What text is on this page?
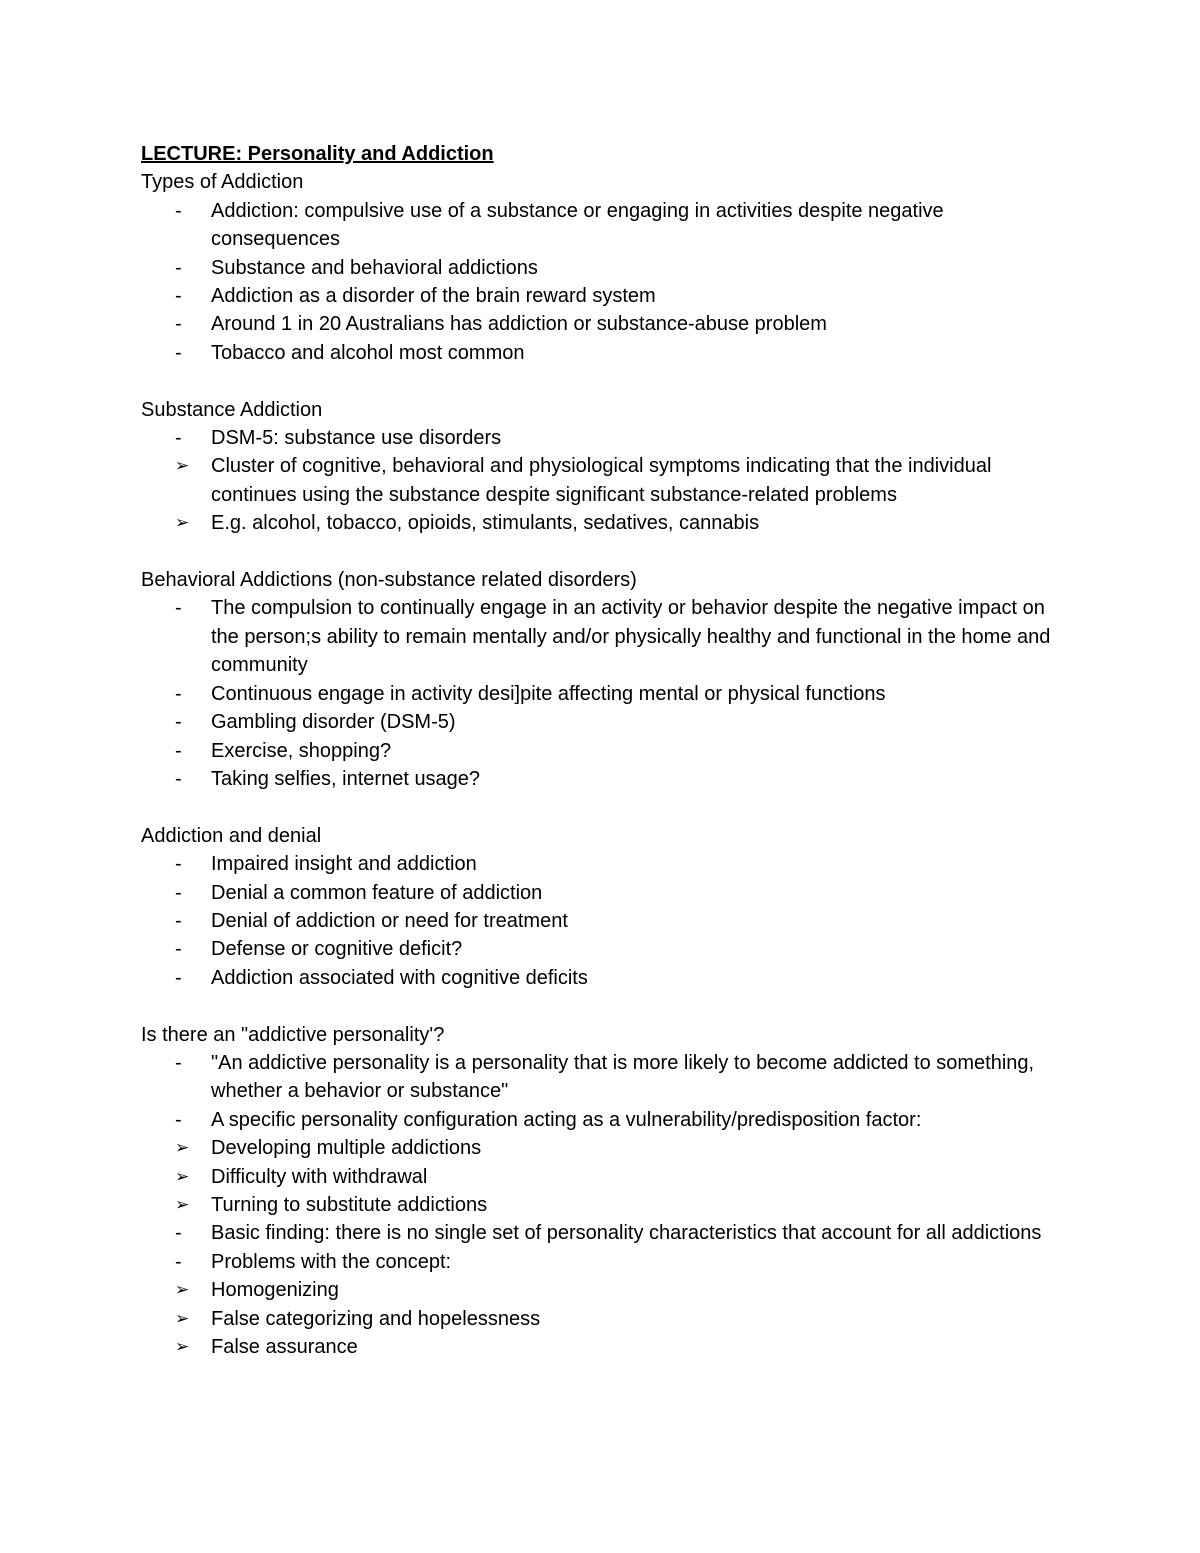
LECTURE: Personality and Addiction

Types of Addiction

-	Addiction: compulsive use of a substance or engaging in activities despite negative consequences
-	Substance and behavioral addictions
-	Addiction as a disorder of the brain reward system
-	Around 1 in 20 Australians has addiction or substance-abuse problem
-	Tobacco and alcohol most common

Substance Addiction

-	DSM-5: substance use disorders
➢	Cluster of cognitive, behavioral and physiological symptoms indicating that the individual continues using the substance despite significant substance-related problems
➢	E.g. alcohol, tobacco, opioids, stimulants, sedatives, cannabis

Behavioral Addictions (non-substance related disorders)

-	The compulsion to continually engage in an activity or behavior despite the negative impact on the person;s ability to remain mentally and/or physically healthy and functional in the home and community
-	Continuous engage in activity desi]pite affecting mental or physical functions
-	Gambling disorder (DSM-5)
-	Exercise, shopping?
-	Taking selfies, internet usage?

Addiction and denial

-	Impaired insight and addiction
-	Denial a common feature of addiction
-	Denial of addiction or need for treatment
-	Defense or cognitive deficit?
-	Addiction associated with cognitive deficits

Is there an "addictive personality'?

-	"An addictive personality is a personality that is more likely to become addicted to something, whether a behavior or substance"
-	A specific personality configuration acting as a vulnerability/predisposition factor:
➢	Developing multiple addictions
➢	Difficulty with withdrawal
➢	Turning to substitute addictions
-	Basic finding: there is no single set of personality characteristics that account for all addictions
-	Problems with the concept:
➢	Homogenizing
➢	False categorizing and hopelessness
➢	False assurance
